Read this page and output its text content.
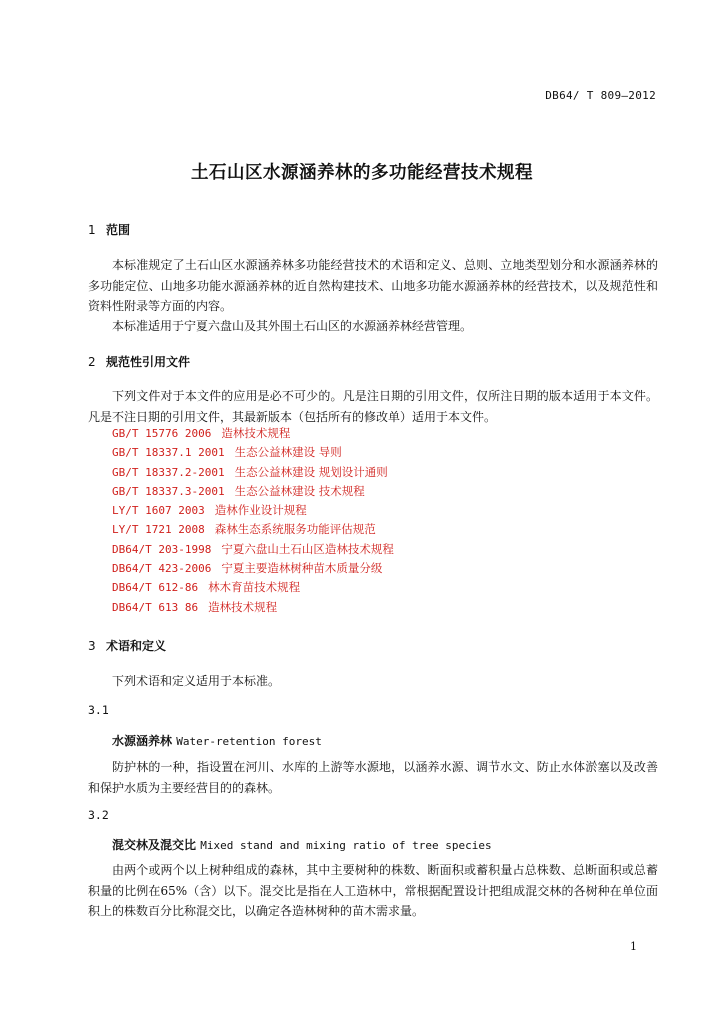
DB64/ T 809—2012
土石山区水源涵养林的多功能经营技术规程
1 范围
本标准规定了土石山区水源涵养林多功能经营技术的术语和定义、总则、立地类型划分和水源涵养林的多功能定位、山地多功能水源涵养林的近自然构建技术、山地多功能水源涵养林的经营技术，以及规范性和资料性附录等方面的内容。
本标准适用于宁夏六盘山及其外围土石山区的水源涵养林经营管理。
2 规范性引用文件
下列文件对于本文件的应用是必不可少的。凡是注日期的引用文件，仅所注日期的版本适用于本文件。凡是不注日期的引用文件，其最新版本（包括所有的修改单）适用于本文件。
GB/T 15776 2006 造林技术规程
GB/T 18337.1 2001 生态公益林建设 导则
GB/T 18337.2-2001 生态公益林建设 规划设计通则
GB/T 18337.3-2001 生态公益林建设 技术规程
LY/T 1607 2003 造林作业设计规程
LY/T 1721 2008 森林生态系统服务功能评估规范
DB64/T 203-1998 宁夏六盘山土石山区造林技术规程
DB64/T 423-2006 宁夏主要造林树种苗木质量分级
DB64/T 612-86 林木育苗技术规程
DB64/T 613 86 造林技术规程
3 术语和定义
下列术语和定义适用于本标准。
3.1
水源涵养林 Water-retention forest
防护林的一种，指设置在河川、水库的上游等水源地，以涵养水源、调节水文、防止水体淤塞以及改善和保护水质为主要经营目的的森林。
3.2
混交林及混交比 Mixed stand and mixing ratio of tree species
由两个或两个以上树种组成的森林，其中主要树种的株数、断面积或蓄积量占总株数、总断面积或总蓄积量的比例在65%（含）以下。混交比是指在人工造林中，常根据配置设计把组成混交林的各树种在单位面积上的株数百分比称混交比，以确定各造林树种的苗木需求量。
1
